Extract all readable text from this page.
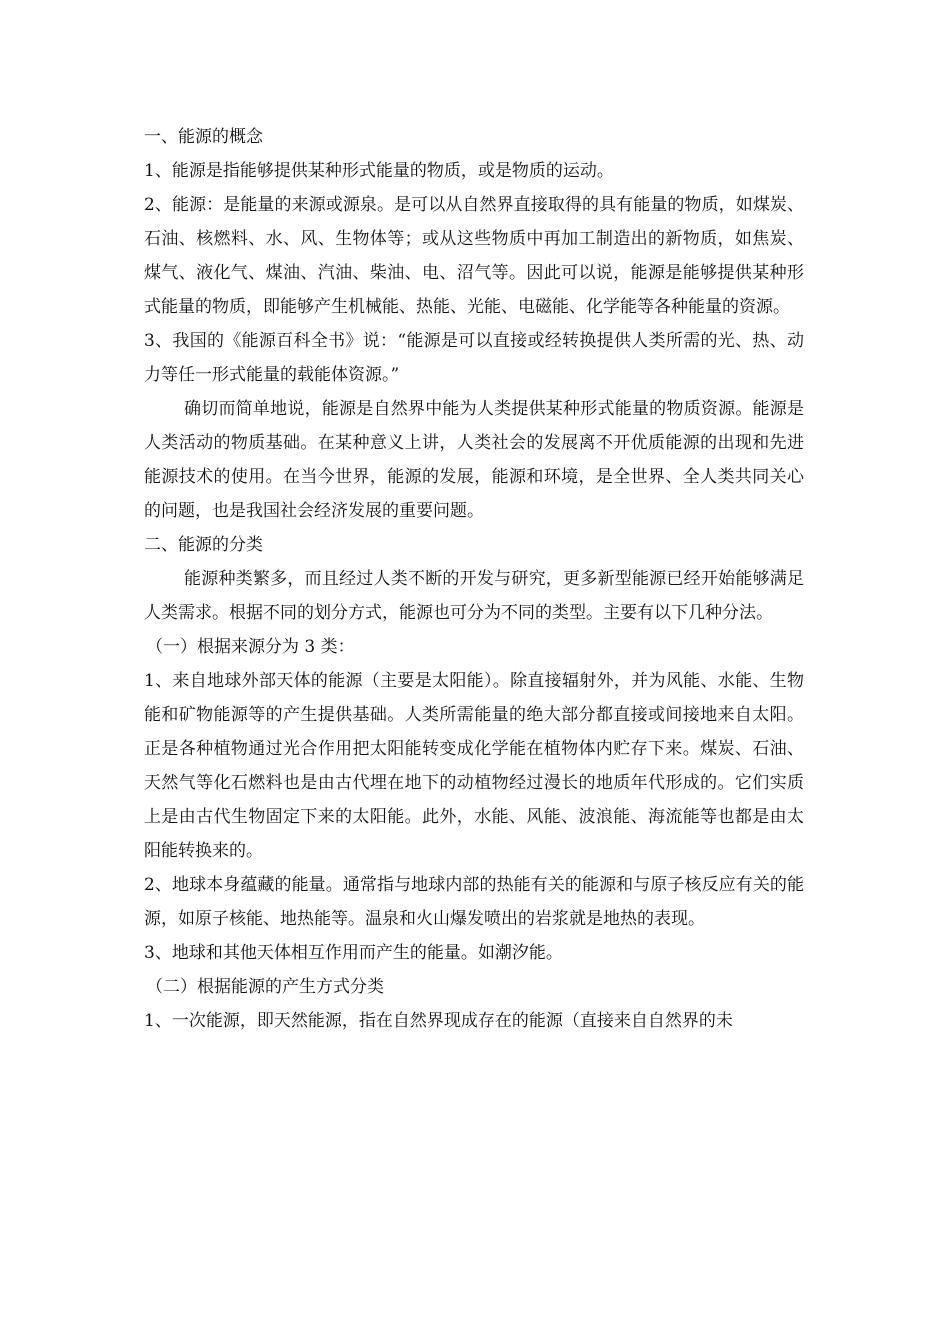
一、能源的概念

1、能源是指能够提供某种形式能量的物质，或是物质的运动。

2、能源：是能量的来源或源泉。是可以从自然界直接取得的具有能量的物质，如煤炭、石油、核燃料、水、风、生物体等；或从这些物质中再加工制造出的新物质，如焦炭、煤气、液化气、煤油、汽油、柴油、电、沼气等。因此可以说，能源是能够提供某种形式能量的物质，即能够产生机械能、热能、光能、电磁能、化学能等各种能量的资源。

3、我国的《能源百科全书》说：“能源是可以直接或经转换提供人类所需的光、热、动力等任一形式能量的载能体资源。”

确切而简单地说，能源是自然界中能为人类提供某种形式能量的物质资源。能源是人类活动的物质基础。在某种意义上讲，人类社会的发展离不开优质能源的出现和先进能源技术的使用。在当今世界，能源的发展，能源和环境，是全世界、全人类共同关心的问题，也是我国社会经济发展的重要问题。

二、能源的分类

能源种类繁多，而且经过人类不断的开发与研究，更多新型能源已经开始能够满足人类需求。根据不同的划分方式，能源也可分为不同的类型。主要有以下几种分法。

（一）根据来源分为 3 类：

1、来自地球外部天体的能源（主要是太阳能）。除直接辐射外，并为风能、水能、生物能和矿物能源等的产生提供基础。人类所需能量的绝大部分都直接或间接地来自太阳。正是各种植物通过光合作用把太阳能转变成化学能在植物体内贮存下来。煤炭、石油、天然气等化石燃料也是由古代埋在地下的动植物经过漫长的地质年代形成的。它们实质上是由古代生物固定下来的太阳能。此外，水能、风能、波浪能、海流能等也都是由太阳能转换来的。

2、地球本身蕴藏的能量。通常指与地球内部的热能有关的能源和与原子核反应有关的能源，如原子核能、地热能等。温泉和火山爆发喷出的岩浆就是地热的表现。

3、地球和其他天体相互作用而产生的能量。如潮汐能。

（二）根据能源的产生方式分类

1、一次能源，即天然能源，指在自然界现成存在的能源（直接来自自然界的未
